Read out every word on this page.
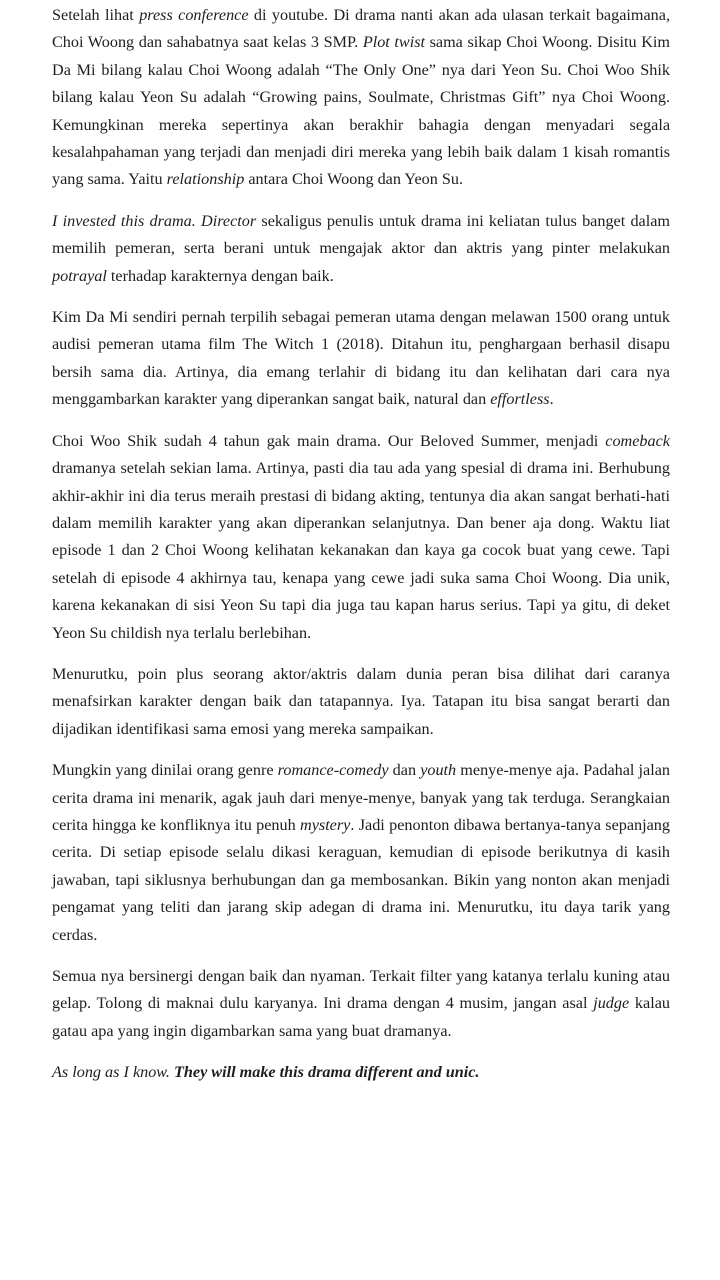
Setelah lihat press conference di youtube. Di drama nanti akan ada ulasan terkait bagaimana, Choi Woong dan sahabatnya saat kelas 3 SMP. Plot twist sama sikap Choi Woong. Disitu Kim Da Mi bilang kalau Choi Woong adalah “The Only One” nya dari Yeon Su. Choi Woo Shik bilang kalau Yeon Su adalah “Growing pains, Soulmate, Christmas Gift” nya Choi Woong. Kemungkinan mereka sepertinya akan berakhir bahagia dengan menyadari segala kesalahpahaman yang terjadi dan menjadi diri mereka yang lebih baik dalam 1 kisah romantis yang sama. Yaitu relationship antara Choi Woong dan Yeon Su.

I invested this drama. Director sekaligus penulis untuk drama ini keliatan tulus banget dalam memilih pemeran, serta berani untuk mengajak aktor dan aktris yang pinter melakukan potrayal terhadap karakternya dengan baik.

Kim Da Mi sendiri pernah terpilih sebagai pemeran utama dengan melawan 1500 orang untuk audisi pemeran utama film The Witch 1 (2018). Ditahun itu, penghargaan berhasil disapu bersih sama dia. Artinya, dia emang terlahir di bidang itu dan kelihatan dari cara nya menggambarkan karakter yang diperankan sangat baik, natural dan effortless.

Choi Woo Shik sudah 4 tahun gak main drama. Our Beloved Summer, menjadi comeback dramanya setelah sekian lama. Artinya, pasti dia tau ada yang spesial di drama ini. Berhubung akhir-akhir ini dia terus meraih prestasi di bidang akting, tentunya dia akan sangat berhati-hati dalam memilih karakter yang akan diperankan selanjutnya. Dan bener aja dong. Waktu liat episode 1 dan 2 Choi Woong kelihatan kekanakan dan kaya ga cocok buat yang cewe. Tapi setelah di episode 4 akhirnya tau, kenapa yang cewe jadi suka sama Choi Woong. Dia unik, karena kekanakan di sisi Yeon Su tapi dia juga tau kapan harus serius. Tapi ya gitu, di deket Yeon Su childish nya terlalu berlebihan.

Menurutku, poin plus seorang aktor/aktris dalam dunia peran bisa dilihat dari caranya menafsirkan karakter dengan baik dan tatapannya. Iya. Tatapan itu bisa sangat berarti dan dijadikan identifikasi sama emosi yang mereka sampaikan.

Mungkin yang dinilai orang genre romance-comedy dan youth menye-menye aja. Padahal jalan cerita drama ini menarik, agak jauh dari menye-menye, banyak yang tak terduga. Serangkaian cerita hingga ke konfliknya itu penuh mystery. Jadi penonton dibawa bertanya-tanya sepanjang cerita. Di setiap episode selalu dikasi keraguan, kemudian di episode berikutnya di kasih jawaban, tapi siklusnya berhubungan dan ga membosankan. Bikin yang nonton akan menjadi pengamat yang teliti dan jarang skip adegan di drama ini. Menurutku, itu daya tarik yang cerdas.

Semua nya bersinergi dengan baik dan nyaman. Terkait filter yang katanya terlalu kuning atau gelap. Tolong di maknai dulu karyanya. Ini drama dengan 4 musim, jangan asal judge kalau gatau apa yang ingin digambarkan sama yang buat dramanya.

As long as I know. They will make this drama different and unic.
